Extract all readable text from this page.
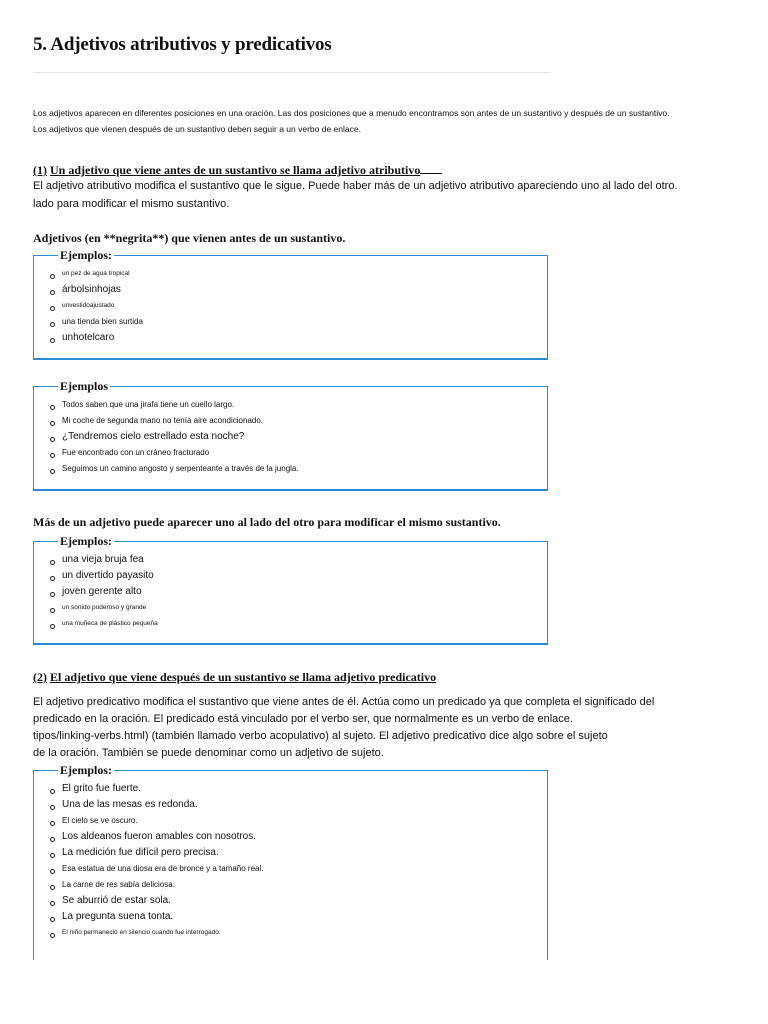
5. Adjetivos atributivos y predicativos
Los adjetivos aparecen en diferentes posiciones en una oración. Las dos posiciones que a menudo encontramos son antes de un sustantivo y después de un sustantivo.
Los adjetivos que vienen después de un sustantivo deben seguir a un verbo de enlace.
(1) Un adjetivo que viene antes de un sustantivo se llama adjetivo atributivo
El adjetivo atributivo modifica el sustantivo que le sigue. Puede haber más de un adjetivo atributivo apareciendo uno al lado del otro.
lado para modificar el mismo sustantivo.
Adjetivos (en **negrita**) que vienen antes de un sustantivo.
Ejemplos:
un pez de agua tropical
árbolsinhojas
unvestidoajustado
una tienda bien surtida
unhotelcaro
Ejemplos
Todos saben que una jirafa tiene un cuello largo.
Mi coche de segunda mano no tenía aire acondicionado.
¿Tendremos cielo estrellado esta noche?
Fue encontrado con un cráneo fracturado
Seguimos un camino angosto y serpenteante a través de la jungla.
Más de un adjetivo puede aparecer uno al lado del otro para modificar el mismo sustantivo.
Ejemplos:
una vieja bruja fea
un divertido payasito
joven gerente alto
un sonido poderoso y grande
una muñeca de plástico pequeña
(2) El adjetivo que viene después de un sustantivo se llama adjetivo predicativo
El adjetivo predicativo modifica el sustantivo que viene antes de él. Actúa como un predicado ya que completa el significado del
predicado en la oración. El predicado está vinculado por el verbo ser, que normalmente es un verbo de enlace.
tipos/linking-verbs.html) (también llamado verbo acopulativo) al sujeto. El adjetivo predicativo dice algo sobre el sujeto
de la oración. También se puede denominar como un adjetivo de sujeto.
Ejemplos:
El grito fue fuerte.
Una de las mesas es redonda.
El cielo se ve oscuro.
Los aldeanos fueron amables con nosotros.
La medición fue difícil pero precisa.
Esa estatua de una diosa era de bronce y a tamaño real.
La carne de res sabía deliciosa.
Se aburrió de estar sola.
La pregunta suena tonta.
El niño permaneció en silencio cuando fue interrogado.
